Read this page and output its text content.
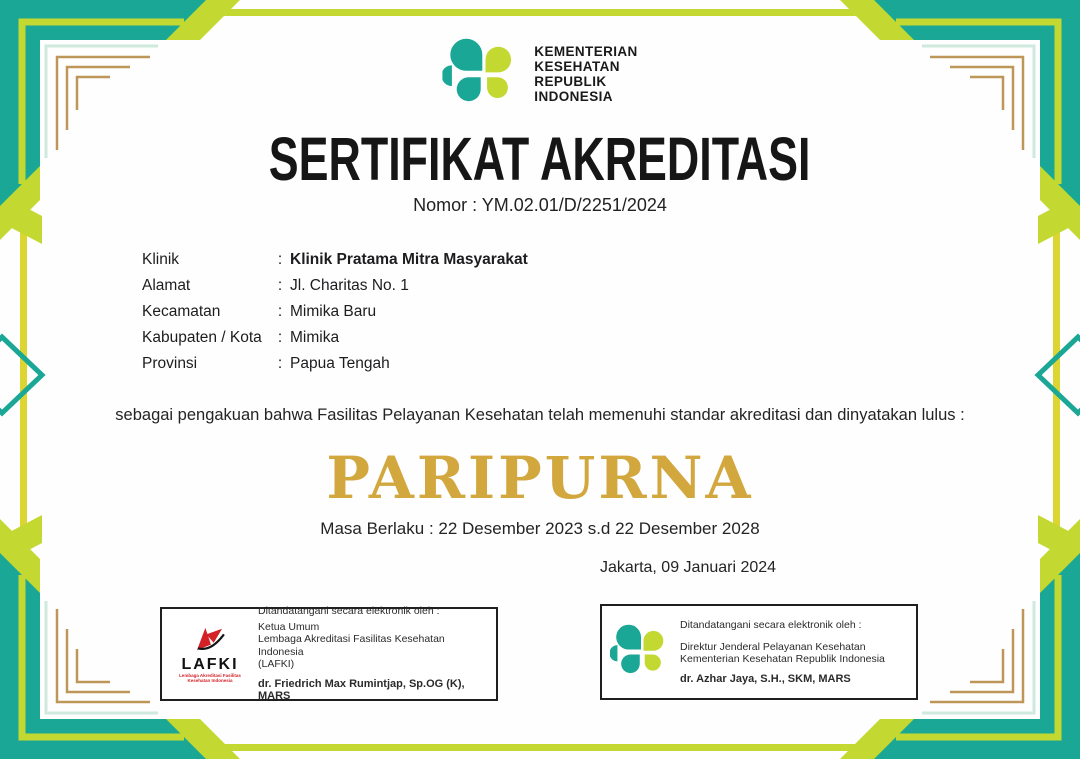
KEMENTERIAN
KESEHATAN
REPUBLIK
INDONESIA
SERTIFIKAT AKREDITASI
Nomor : YM.02.01/D/2251/2024
Klinik	: Klinik Pratama Mitra Masyarakat
Alamat	: Jl. Charitas No. 1
Kecamatan	: Mimika Baru
Kabupaten / Kota	: Mimika
Provinsi	: Papua Tengah
sebagai pengakuan bahwa Fasilitas Pelayanan Kesehatan telah memenuhi standar akreditasi dan dinyatakan lulus :
PARIPURNA
Masa Berlaku : 22 Desember 2023 s.d 22 Desember 2028
Jakarta, 09 Januari 2024
LAFKI
Lembaga Akreditasi Fasilitas Kesehatan Indonesia
Ditandatangani secara elektronik oleh :
Ketua Umum
Lembaga Akreditasi Fasilitas Kesehatan Indonesia
(LAFKI)
dr. Friedrich Max Rumintjap, Sp.OG (K), MARS
Ditandatangani secara elektronik oleh :
Direktur Jenderal Pelayanan Kesehatan
Kementerian Kesehatan Republik Indonesia
dr. Azhar Jaya, S.H., SKM, MARS
